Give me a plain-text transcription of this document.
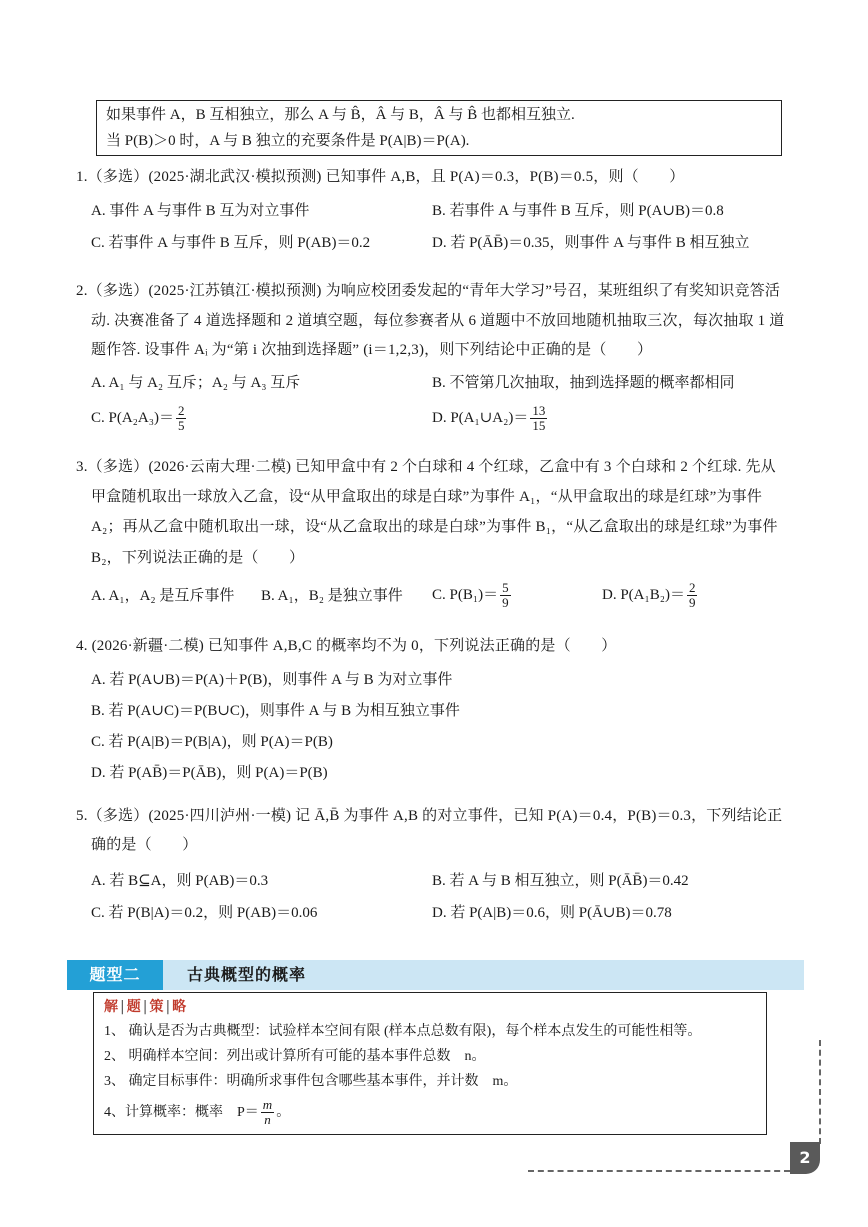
如果事件 A，B 互相独立，那么 A 与 B̂，Â 与 B，Â 与 B̂ 也都相互独立.
当 P(B)＞0 时，A 与 B 独立的充要条件是 P(A|B)＝P(A).
1.（多选）(2025·湖北武汉·模拟预测) 已知事件 A,B，且 P(A)＝0.3，P(B)＝0.5，则（　　）
A. 事件 A 与事件 B 互为对立事件	B. 若事件 A 与事件 B 互斥，则 P(A∪B)＝0.8
C. 若事件 A 与事件 B 互斥，则 P(AB)＝0.2	D. 若 P(ĀB̄)＝0.35，则事件 A 与事件 B 相互独立
2.（多选）(2025·江苏镇江·模拟预测) 为响应校团委发起的“青年大学习”号召，某班组织了有奖知识竞答活
动. 决赛准备了 4 道选择题和 2 道填空题，每位参赛者从 6 道题中不放回地随机抽取三次，每次抽取 1 道
题作答. 设事件 Aᵢ 为“第 i 次抽到选择题” (i＝1,2,3)，则下列结论中正确的是（　　）
A. A₁ 与 A₂ 互斥；A₂ 与 A₃ 互斥	B. 不管第几次抽取，抽到选择题的概率都相同
C. $P(A_2A_3)= \frac{2}{5}$	D. P(A₁∪A₂)＝ $\frac{13}{15}$
3.（多选）(2026·云南大理·二模) 已知甲盒中有 2 个白球和 4 个红球，乙盒中有 3 个白球和 2 个红球. 先从
甲盒随机取出一球放入乙盒，设“从甲盒取出的球是白球”为事件 A₁，“从甲盒取出的球是红球”为事件
A₂；再从乙盒中随机取出一球，设“从乙盒取出的球是白球”为事件 B₁，“从乙盒取出的球是红球”为事件
B₂，下列说法正确的是（　　）
A. A₁，A₂ 是互斥事件 B. A₁，B₂ 是独立事件 C. $P(B_1)= \frac{5}{9}$	D. $P(A_1B_2)= \frac{2}{9}$
4. (2026·新疆·二模) 已知事件 A,B,C 的概率均不为 0，下列说法正确的是（　　）
A. 若 P(A∪B)＝P(A)＋P(B)，则事件 A 与 B 为对立事件
B. 若 P(A∪C)＝P(B∪C)，则事件 A 与 B 为相互独立事件
C. 若 P(A|B)＝P(B|A)，则 P(A)＝P(B)
D. 若 P(AB̄)＝P(ĀB)，则 P(A)＝P(B)
5.（多选）(2025·四川泸州·一模) 记 Ā,B̄ 为事件 A,B 的对立事件，已知 P(A)＝0.4，P(B)＝0.3，下列结论正
确的是（　　）
A. 若 B⊆A，则 P(AB)＝0.3	B. 若 A 与 B 相互独立，则 P(ĀB̄)＝0.42
C. 若 P(B|A)＝0.2，则 P(AB)＝0.06	D. 若 P(A|B)＝0.6，则 P(Ā∪B)＝0.78
题型二	古典概型的概率
解 | 题 | 策 | 略
1、 确认是否为古典概型：试验样本空间有限 (样本点总数有限)，每个样本点发生的可能性相等。
2、 明确样本空间：列出或计算所有可能的基本事件总数　n。
3、 确定目标事件：明确所求事件包含哪些基本事件，并计数　m。
4、计算概率：概率　$P= \frac{m}{n}$ 。
2
